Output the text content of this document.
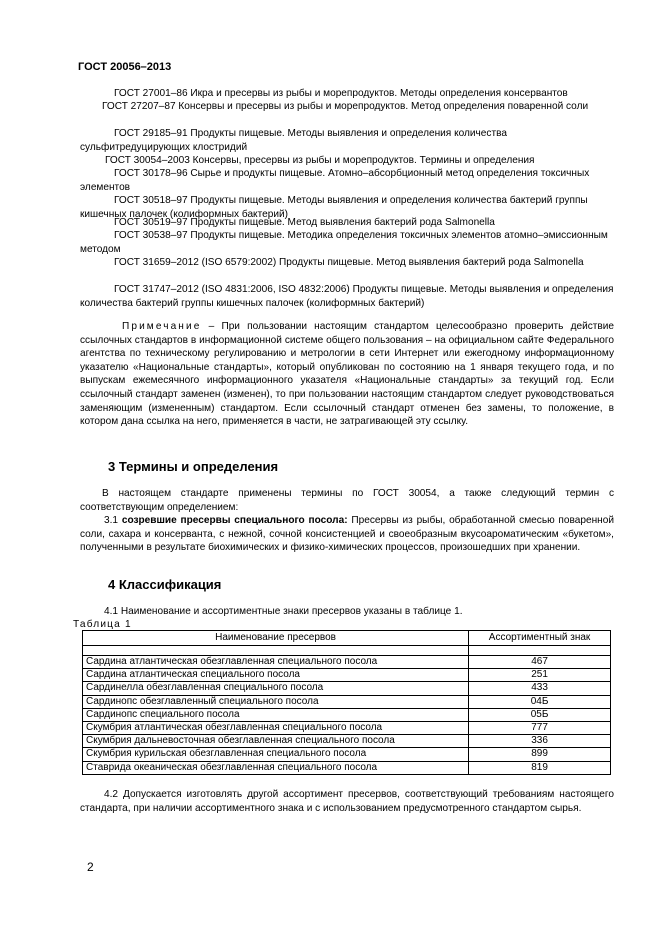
ГОСТ 20056–2013

ГОСТ 27001–86 Икра и пресервы из рыбы и морепродуктов. Методы определения консервантов

ГОСТ 27207–87 Консервы и пресервы из рыбы и морепродуктов. Метод определения поваренной соли

ГОСТ 29185–91 Продукты пищевые. Методы выявления и определения количества сульфитредуцирующих клостридий

ГОСТ 30054–2003 Консервы, пресервы из рыбы и морепродуктов. Термины и определения

ГОСТ 30178–96 Сырье и продукты пищевые. Атомно–абсорбционный метод определения токсичных элементов

ГОСТ 30518–97 Продукты пищевые. Методы выявления и определения количества бактерий группы кишечных палочек (колиформных бактерий)

ГОСТ 30519–97 Продукты пищевые. Метод выявления бактерий рода Salmonella

ГОСТ 30538–97 Продукты пищевые. Методика определения токсичных элементов атомно–эмиссионным методом

ГОСТ 31659–2012 (ISO 6579:2002) Продукты пищевые. Метод выявления бактерий рода Salmonella

ГОСТ 31747–2012 (ISO 4831:2006, ISO 4832:2006) Продукты пищевые. Методы выявления и определения количества бактерий группы кишечных палочек (колиформных бактерий)

Примечание – При пользовании настоящим стандартом целесообразно проверить действие ссылочных стандартов в информационной системе общего пользования – на официальном сайте Федерального агентства по техническому регулированию и метрологии в сети Интернет или ежегодному информационному указателю «Национальные стандарты», который опубликован по состоянию на 1 января текущего года, и по выпускам ежемесячного информационного указателя «Национальные стандарты» за текущий год. Если ссылочный стандарт заменен (изменен), то при пользовании настоящим стандартом следует руководствоваться заменяющим (измененным) стандартом. Если ссылочный стандарт отменен без замены, то положение, в котором дана ссылка на него, применяется в части, не затрагивающей эту ссылку.

3 Термины и определения

В настоящем стандарте применены термины по ГОСТ 30054, а также следующий термин с соответствующим определением:

3.1 созревшие пресервы специального посола: Пресервы из рыбы, обработанной смесью поваренной соли, сахара и консерванта, с нежной, сочной консистенцией и своеобразным вкусоароматическим «букетом», полученными в результате биохимических и физико-химических процессов, произошедших при хранении.

4 Классификация

4.1 Наименование и ассортиментные знаки пресервов указаны в таблице 1.

Таблица 1
Наименование пресервов	Ассортиментный знак

Сардина атлантическая обезглавленная специального посола	467
Сардина атлантическая специального посола	251
Сардинелла обезглавленная специального посола	433
Сардинопс обезглавленный специального посола	04Б
Сардинопс специального посола	05Б
Скумбрия атлантическая обезглавленная специального посола	777
Скумбрия дальневосточная обезглавленная специального посола	336
Скумбрия курильская обезглавленная специального посола	899
Ставрида океаническая обезглавленная специального посола	819

4.2 Допускается изготовлять другой ассортимент пресервов, соответствующий требованиям настоящего стандарта, при наличии ассортиментного знака и с использованием предусмотренного стандартом сырья.

2
